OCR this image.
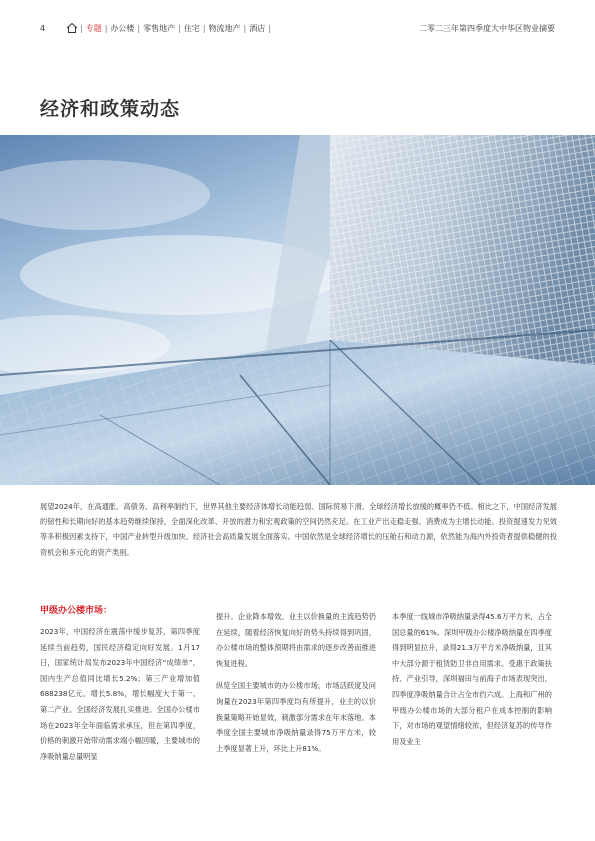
4	| 专题 | 办公楼 | 零售地产 | 住宅 | 物流地产 | 酒店 |	二零二三年第四季度大中华区物业摘要
经济和政策动态

展望2024年，在高通胀、高债务、高利率制约下，世界其他主要经济体增长动能趋弱、国际贸易下滑、全球经济增长放缓的概率仍不低。相比之下，中国经济发展的韧性和长期向好的基本趋势继续保持，全面深化改革、开放的潜力和宏观政策的空间仍然充足。在工业产出走稳走强、消费成为主增长动能、投资提速发力见效等多积极因素支持下，中国产业转型升级加快、经济社会高质量发展全面落实。中国依然是全球经济增长的压舱石和动力源，依然能为海内外投资者提供稳健的投资机会和多元化的资产类别。

甲级办公楼市场：

2023年，中国经济在震荡中缓步复苏，第四季度延续当前趋势，国民经济稳定向好发展。1月17日，国家统计局发布2023年中国经济“成绩单”，国内生产总值同比增长5.2%；第三产业增加值688238亿元，增长5.8%，增长幅度大于第一、第二产业。全国经济发展扎实推进。全国办公楼市场在2023年全年面临需求承压，但在第四季度，价格的刺激开始带动需求端小幅回暖，主要城市的净吸纳量总量明显

提升。企业降本增效、业主以价换量的主流趋势仍在延续，随着经济恢复向好的势头持续得到巩固，办公楼市场的整体预期将由需求的逐步改善而推进恢复进程。

纵览全国主要城市的办公楼市场，市场活跃度及问询量在2023年第四季度均有所提升，业主的以价换量策略开始显效，刺激部分需求在年末落地。本季度全国主要城市净吸纳量录得75万平方米，较上季度显著上升，环比上升81%。

本季度一线城市净吸纳量录得45.6万平方米，占全国总量的61%。深圳甲级办公楼净吸纳量在四季度得到明显拉升，录得21.3万平方米净吸纳量，且其中大部分源于租赁防卫非自用需求。受惠于政策扶持、产业引导，深圳福田与前海子市场表现突出，四季度净吸纳量合计占全市约六成。上海和广州的甲级办公楼市场的大部分租户在成本控制的影响下，对市场的观望情绪较浓，但经济复苏的传导作用及业主
